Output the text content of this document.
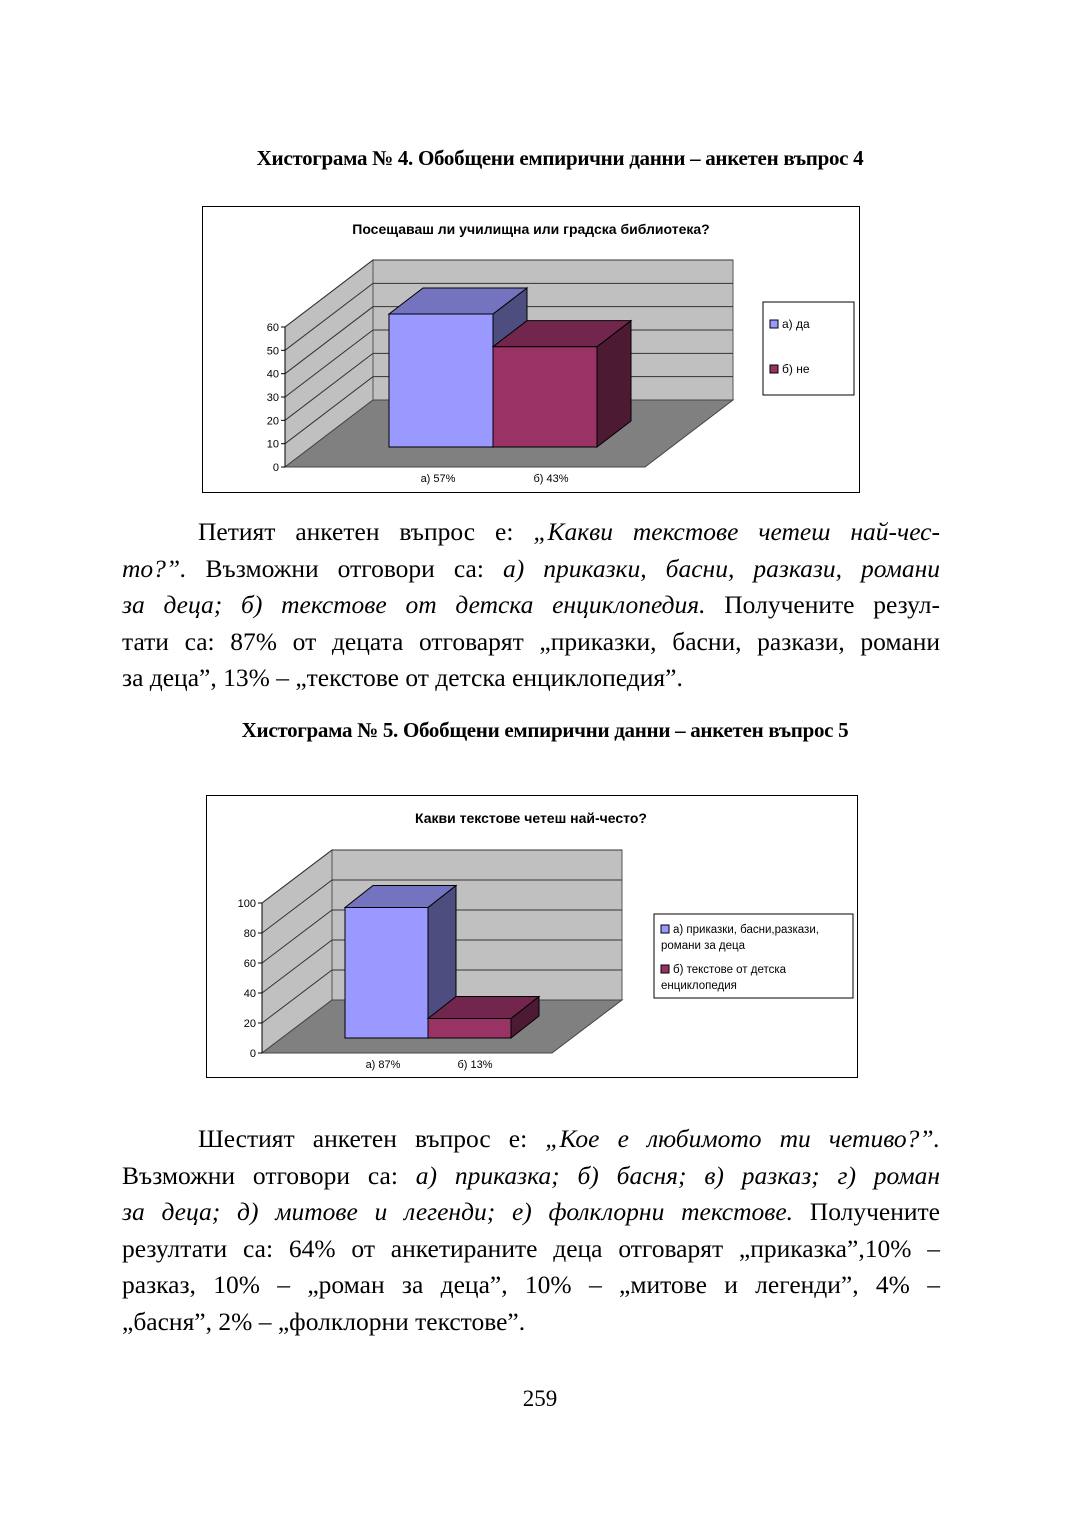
Хистограма № 4. Обобщени емпирични данни – анкетен въпрос 4
Посещаваш ли училищна или градска библиотека?
0
10
20
30
40
50
60
а) 57%	б) 43%
а) да
б) не
Петият анкетен въпрос е: „Какви текстове четеш най-чес-
то?”. Възможни отговори са: а) приказки, басни, разкази, романи
за деца; б) текстове от детска енциклопедия. Получените резул-
тати са: 87% от децата отговарят „приказки, басни, разкази, романи
за деца”, 13% – „текстове от детска енциклопедия”.
Хистограма № 5. Обобщени емпирични данни – анкетен въпрос 5
Какви текстове четеш най-често?
0
20
40
60
80
100
а) 87%	б) 13%
а) приказки, басни,разкази,
романи за деца
б) текстове от детска
енциклопедия
Шестият анкетен въпрос е: „Кое е любимото ти четиво?”.
Възможни отговори са: а) приказка; б) басня; в) разказ; г) роман
за деца; д) митове и легенди; е) фолклорни текстове. Получените
резултати са: 64% от анкетираните деца отговарят „приказка”,10% –
разказ, 10% – „роман за деца”, 10% – „митове и легенди”, 4% –
„басня”, 2% – „фолклорни текстове”.
259
